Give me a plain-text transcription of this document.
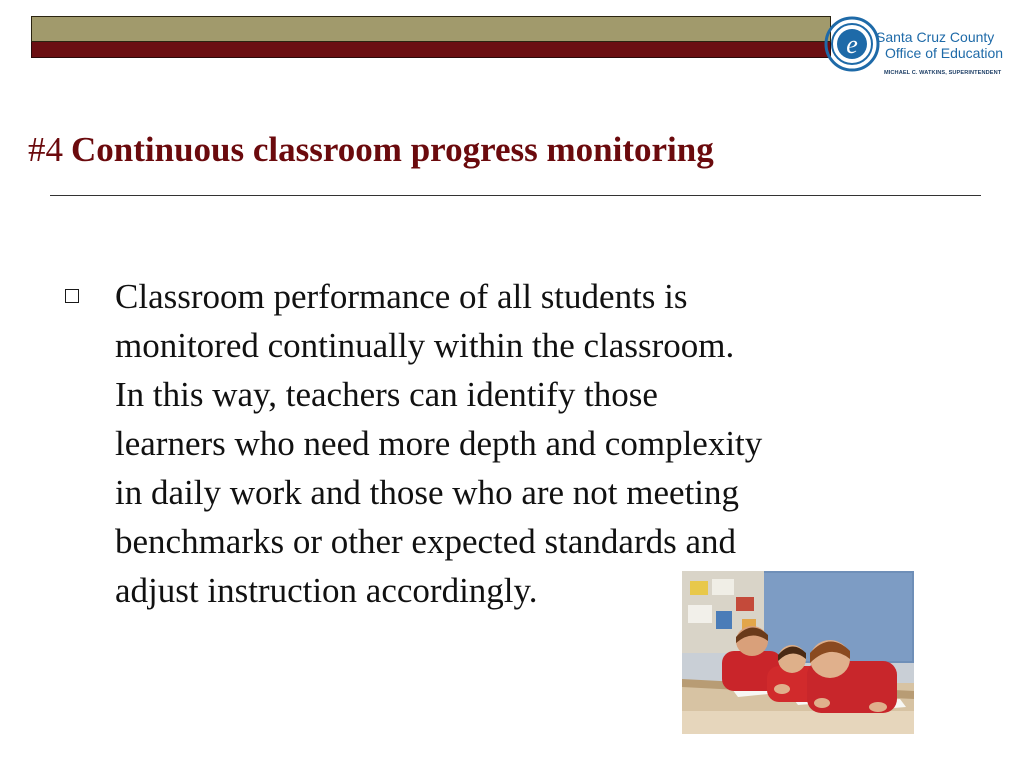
e Santa Cruz County
Office of Education
MICHAEL C. WATKINS, SUPERINTENDENT
#4 Continuous classroom progress monitoring
Classroom performance of all students is
monitored continually within the classroom.
In this way, teachers can identify those
learners who need more depth and complexity
in daily work and those who are not meeting
benchmarks or other expected standards and
adjust instruction accordingly.
